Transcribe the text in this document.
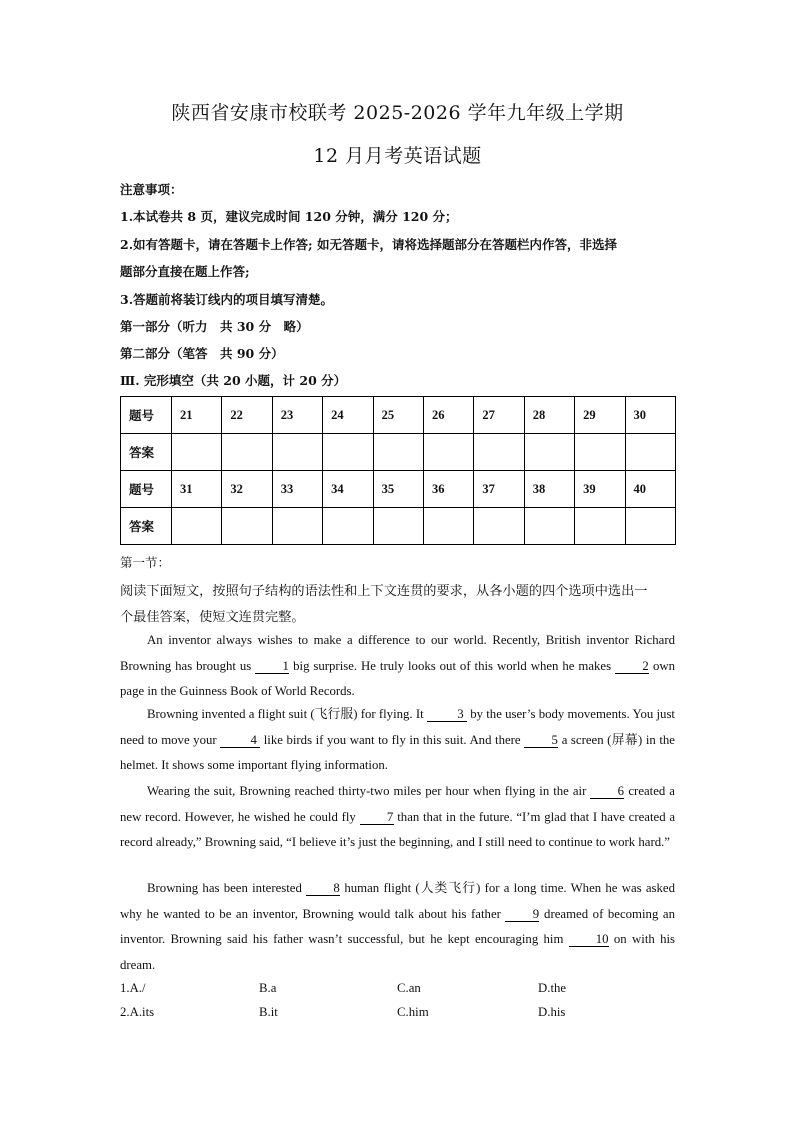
陕西省安康市校联考 2025-2026 学年九年级上学期
12 月月考英语试题
注意事项：
1.本试卷共 8 页，建议完成时间 120 分钟，满分 120 分；
2.如有答题卡，请在答题卡上作答; 如无答题卡，请将选择题部分在答题栏内作答，非选择
题部分直接在题上作答;
3.答题前将装订线内的项目填写清楚。
第一部分（听力　共 30 分　略）
第二部分（笔答　共 90 分）
Ⅲ. 完形填空（共 20 小题，计 20 分）
题号	21	22	23	24	25	26	27	28	29	30
答案										
题号	31	32	33	34	35	36	37	38	39	40
答案										
第一节：
阅读下面短文，按照句子结构的语法性和上下文连贯的要求，从各小题的四个选项中选出一
个最佳答案，使短文连贯完整。
An inventor always wishes to make a difference to our world. Recently, British inventor Richard Browning has brought us 1 big surprise. He truly looks out of this world when he makes 2 own page in the Guinness Book of World Records.
Browning invented a flight suit (飞行服) for flying. It	3 by the user’s body movements. You just need to move your	4 like birds if you want to fly in this suit. And there 5 a screen (屏幕) in the helmet. It shows some important flying information.
Wearing the suit, Browning reached thirty-two miles per hour when flying in the air 6 created a new record. However, he wished he could fly 7 than that in the future. “I’m glad that I have created a record already,” Browning said, “I believe it’s just the beginning, and I still need to continue to work hard.”
Browning has been interested 8 human flight (人类飞行) for a long time. When he was asked why he wanted to be an inventor, Browning would talk about his father 9 dreamed of becoming an inventor. Browning said his father wasn’t successful, but he kept encouraging him	10 on with his dream.
1.A./	B.a	C.an	D.the
2.A.its	B.it	C.him	D.his
